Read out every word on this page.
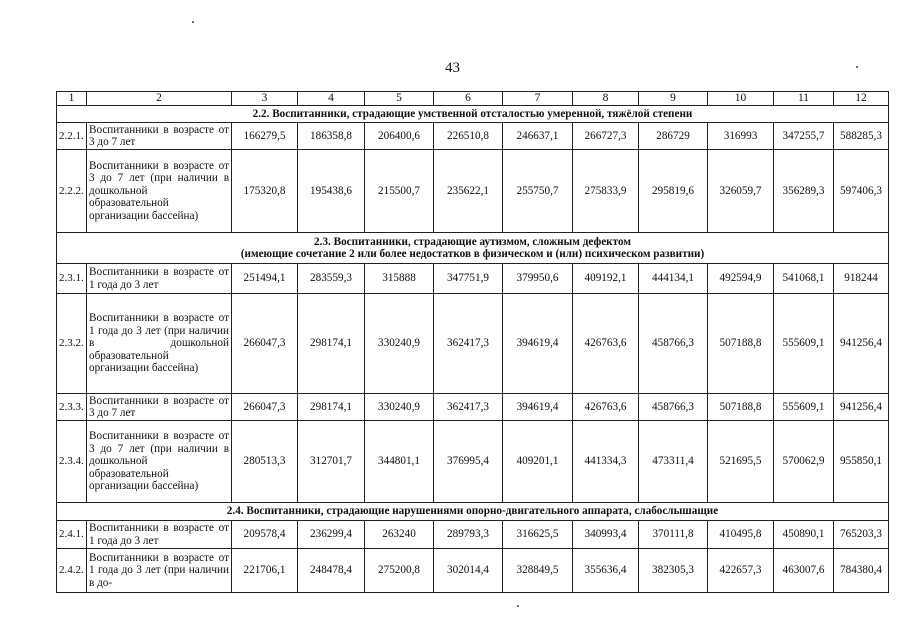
43
1	2	3	4	5	6	7	8	9	10	11	12

2.2. Воспитанники, страдающие умственной отсталостью умеренной, тяжёлой степени											

2.2.1.	Воспитанники в возрасте от 3 до 7 лет	166279,5	186358,8	206400,6	226510,8	246637,1	266727,3	286729	316993	347255,7	588285,3
2.2.2.	Воспитанники в возрасте от 3 до 7 лет (при наличии в дошкольной образовательной организации бассейна)	175320,8	195438,6	215500,7	235622,1	255750,7	275833,9	295819,6	326059,7	356289,3	597406,3

2.3. Воспитанники, страдающие аутизмом, сложным дефектом
(имеющие сочетание 2 или более недостатков в физическом и (или) психическом развитии)											

2.3.1.	Воспитанники в возрасте от 1 года до 3 лет	251494,1	283559,3	315888	347751,9	379950,6	409192,1	444134,1	492594,9	541068,1	918244
2.3.2.	Воспитанники в возрасте от 1 года до 3 лет (при наличии в дошкольной образовательной организации бассейна)	266047,3	298174,1	330240,9	362417,3	394619,4	426763,6	458766,3	507188,8	555609,1	941256,4
2.3.3.	Воспитанники в возрасте от 3 до 7 лет	266047,3	298174,1	330240,9	362417,3	394619,4	426763,6	458766,3	507188,8	555609,1	941256,4
2.3.4.	Воспитанники в возрасте от 3 до 7 лет (при наличии в дошкольной образовательной организации бассейна)	280513,3	312701,7	344801,1	376995,4	409201,1	441334,3	473311,4	521695,5	570062,9	955850,1

2.4. Воспитанники, страдающие нарушениями опорно-двигательного аппарата, слабослышащие											

2.4.1.	Воспитанники в возрасте от 1 года до 3 лет	209578,4	236299,4	263240	289793,3	316625,5	340993,4	370111,8	410495,8	450890,1	765203,3
2.4.2.	Воспитанники в возрасте от 1 года до 3 лет (при наличии в до-	221706,1	248478,4	275200,8	302014,4	328849,5	355636,4	382305,3	422657,3	463007,6	784380,4
